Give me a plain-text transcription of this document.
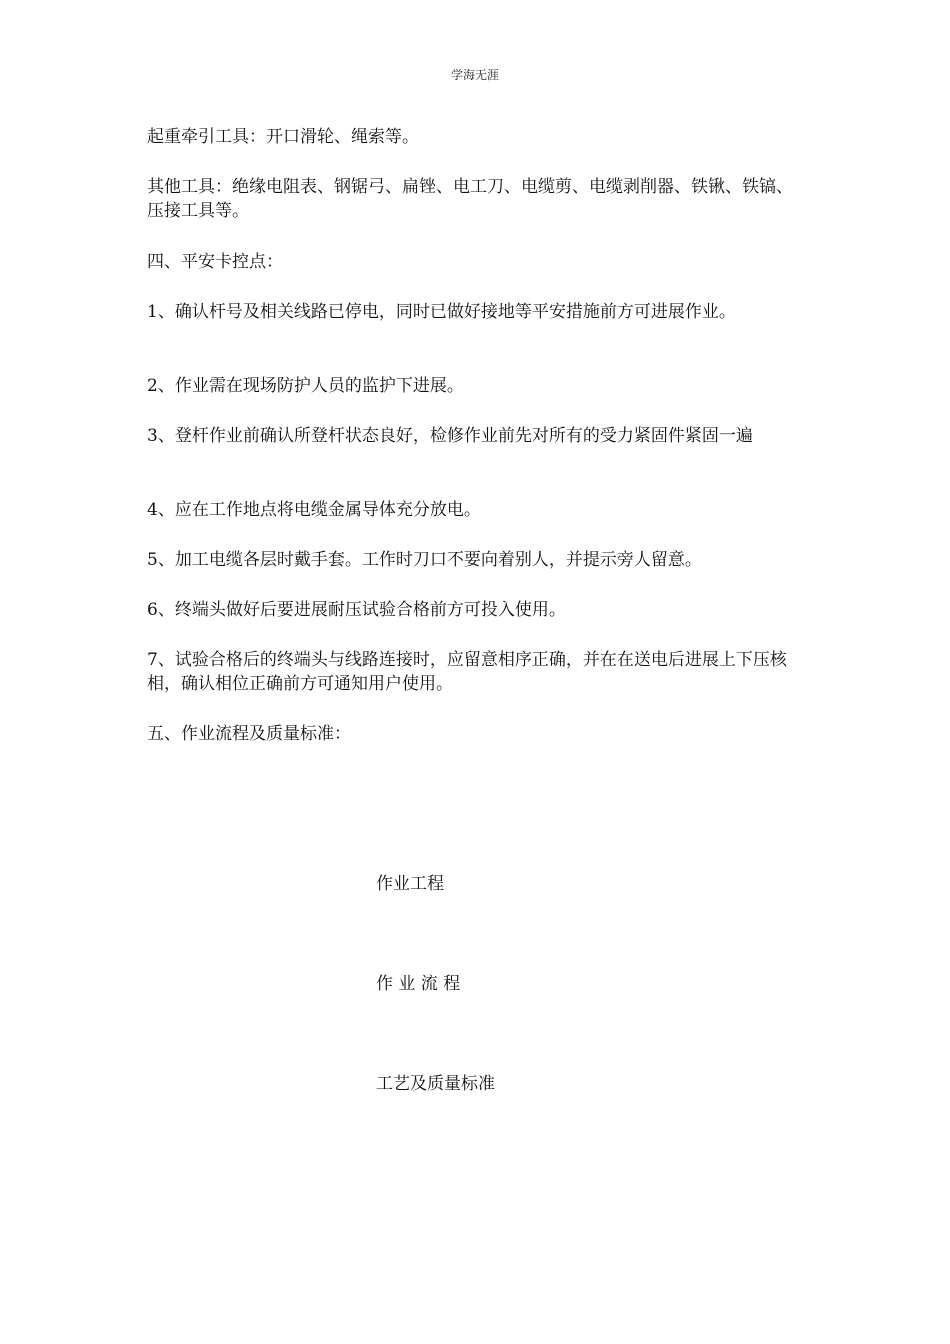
学海无涯

起重牵引工具：开口滑轮、绳索等。

其他工具：绝缘电阻表、钢锯弓、扁锉、电工刀、电缆剪、电缆剥削器、铁锹、铁镐、压接工具等。

四、平安卡控点：

1、确认杆号及相关线路已停电，同时已做好接地等平安措施前方可进展作业。

2、作业需在现场防护人员的监护下进展。

3、登杆作业前确认所登杆状态良好，检修作业前先对所有的受力紧固件紧固一遍

4、应在工作地点将电缆金属导体充分放电。

5、加工电缆各层时戴手套。工作时刀口不要向着别人，并提示旁人留意。

6、终端头做好后要进展耐压试验合格前方可投入使用。

7、试验合格后的终端头与线路连接时，应留意相序正确，并在在送电后进展上下压核相，确认相位正确前方可通知用户使用。

五、作业流程及质量标准：

作业工程
作 业 流 程
工艺及质量标准
